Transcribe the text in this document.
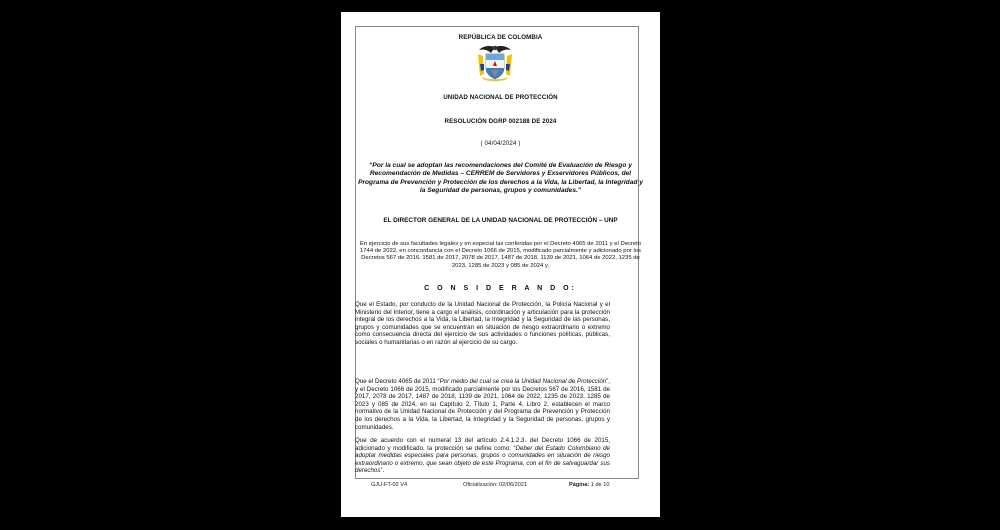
REPÚBLICA DE COLOMBIA
UNIDAD NACIONAL DE PROTECCIÓN
RESOLUCIÓN DGRP 002188 DE 2024
( 04/04/2024 )
“Por la cual se adoptan las recomendaciones del Comité de Evaluación de Riesgo y Recomendación de Medidas – CERREM de Servidores y Exservidores Públicos, del Programa de Prevención y Protección de los derechos a la Vida, la Libertad, la Integridad y la Seguridad de personas, grupos y comunidades.”
EL DIRECTOR GENERAL DE LA UNIDAD NACIONAL DE PROTECCIÓN – UNP
En ejercicio de sus facultades legales y en especial las conferidas por el Decreto 4065 de 2011 y el Decreto 1744 de 2022, en concordancia con el Decreto 1066 de 2015, modificado parcialmente y adicionado por los Decretos 567 de 2016, 1581 de 2017, 2078 de 2017, 1487 de 2018, 1139 de 2021, 1064 de 2022, 1235 de 2023, 1285 de 2023 y 085 de 2024 y,
C O N S I D E R A N D O:
Que el Estado, por conducto de la Unidad Nacional de Protección, la Policía Nacional y el Ministerio del Interior, tiene a cargo el análisis, coordinación y articulación para la protección integral de los derechos a la Vida, la Libertad, la Integridad y la Seguridad de las personas, grupos y comunidades que se encuentran en situación de riesgo extraordinario o extremo como consecuencia directa del ejercicio de sus actividades o funciones políticas, públicas, sociales o humanitarias o en razón al ejercicio de su cargo.
Que el Decreto 4065 de 2011 “Por medio del cual se crea la Unidad Nacional de Protección”, y el Decreto 1066 de 2015, modificado parcialmente por los Decretos 567 de 2016, 1581 de 2017, 2078 de 2017, 1487 de 2018, 1139 de 2021, 1064 de 2022, 1235 de 2023, 1285 de 2023 y 085 de 2024, en su Capítulo 2, Título 1, Parte 4, Libro 2, establecen el marco normativo de la Unidad Nacional de Protección y del Programa de Prevención y Protección de los derechos a la Vida, la Libertad, la Integridad y la Seguridad de personas, grupos y comunidades.
Que de acuerdo con el numeral 13 del artículo 2.4.1.2.3. del Decreto 1066 de 2015, adicionado y modificado, la protección se define como: “Deber del Estado Colombiano de adoptar medidas especiales para personas, grupos o comunidades en situación de riesgo extraordinario o extremo, que sean objeto de este Programa, con el fin de salvaguardar sus derechos”.
GJU-FT-02 V4	Oficialización: 02/06/2021	Página: 1 de 10
